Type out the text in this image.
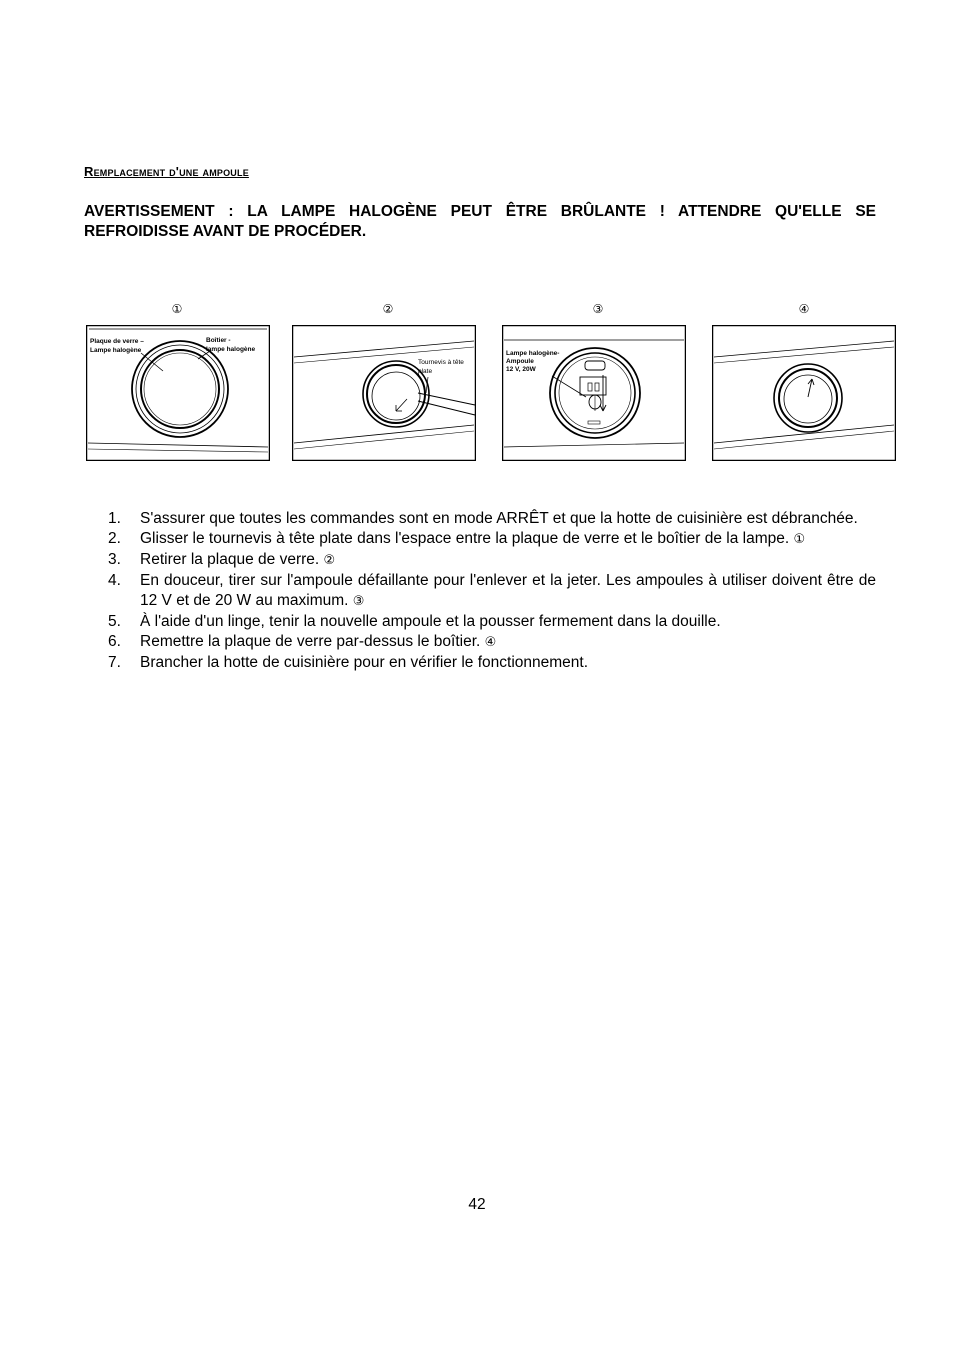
Remplacement d'une ampoule
AVERTISSEMENT : LA LAMPE HALOGÈNE PEUT ÊTRE BRÛLANTE ! ATTENDRE QU'ELLE SE REFROIDISSE AVANT DE PROCÉDER.
①	②	③	④
Plaque de verre –
Lampe halogène
Boîtier -
lampe halogène
Tournevis à tête
plate
Lampe halogène-
Ampoule
12 V, 20W
1.	S'assurer que toutes les commandes sont en mode ARRÊT et que la hotte de cuisinière est débranchée.
2.	Glisser le tournevis à tête plate dans l'espace entre la plaque de verre et le boîtier de la lampe. ①
3.	Retirer la plaque de verre. ②
4.	En douceur, tirer sur l'ampoule défaillante pour l'enlever et la jeter. Les ampoules à utiliser doivent être de 12 V et de 20 W au maximum. ③
5.	À l'aide d'un linge, tenir la nouvelle ampoule et la pousser fermement dans la douille.
6.	Remettre la plaque de verre par-dessus le boîtier. ④
7.	Brancher la hotte de cuisinière pour en vérifier le fonctionnement.
42
